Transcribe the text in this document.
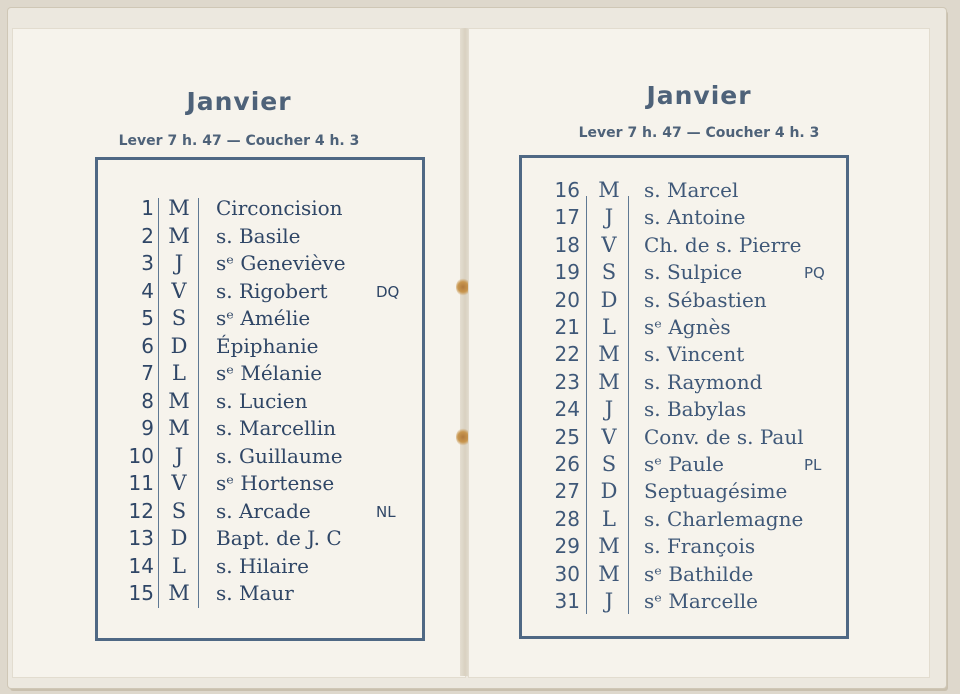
Janvier
Lever 7 h. 47 — Coucher 4 h. 3
1 M Circoncision
2 M s. Basile
3 J	sᵉ Geneviève
4 V	s. Rigobert	DQ
5 S	sᵉ Amélie
6 D	Épiphanie
7 L	sᵉ Mélanie
8 M s. Lucien
9 M s. Marcellin
10 J	s. Guillaume
11 V	sᵉ Hortense
12 S	s. Arcade	NL
13 D	Bapt. de J. C
14 L	s. Hilaire
15 M s. Maur
Janvier
Lever 7 h. 47 — Coucher 4 h. 3
16 M s. Marcel
17	J	s. Antoine
18	V	Ch. de s. Pierre
19	S	s. Sulpice	PQ
20 D	s. Sébastien
21	L	sᵉ Agnès
22 M s. Vincent
23 M s. Raymond
24	J	s. Babylas
25	V	Conv. de s. Paul
26	S	sᵉ Paule	PL
27 D	Septuagésime
28	L	s. Charlemagne
29 M s. François
30 M sᵉ Bathilde
31	J	sᵉ Marcelle
